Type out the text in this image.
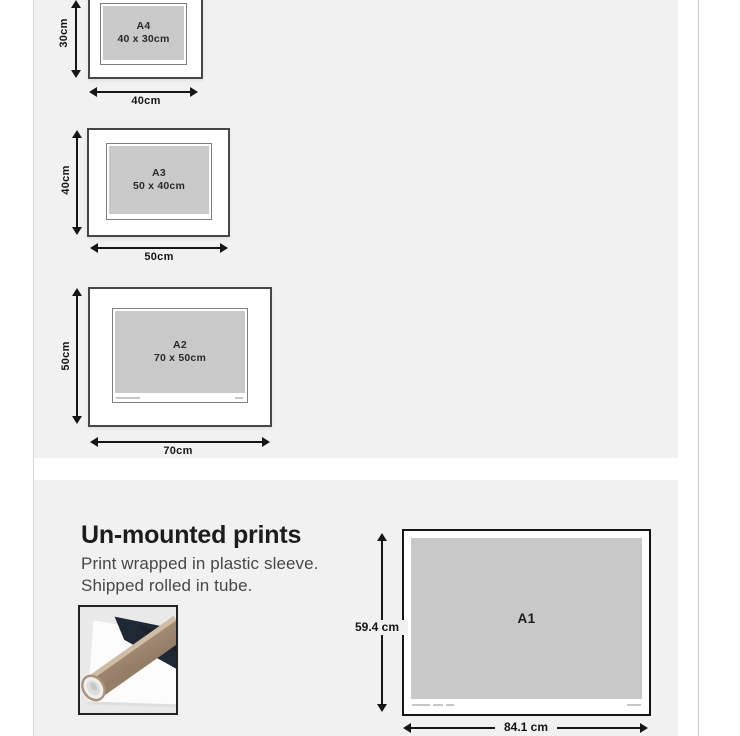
30cm	A4
40 x 30cm
40cm
40cm	A3
50 x 40cm
50cm
50cm	A2
70 x 50cm
70cm
Un-mounted prints
Print wrapped in plastic sleeve.
Shipped rolled in tube.
A1
59.4 cm
84.1 cm
